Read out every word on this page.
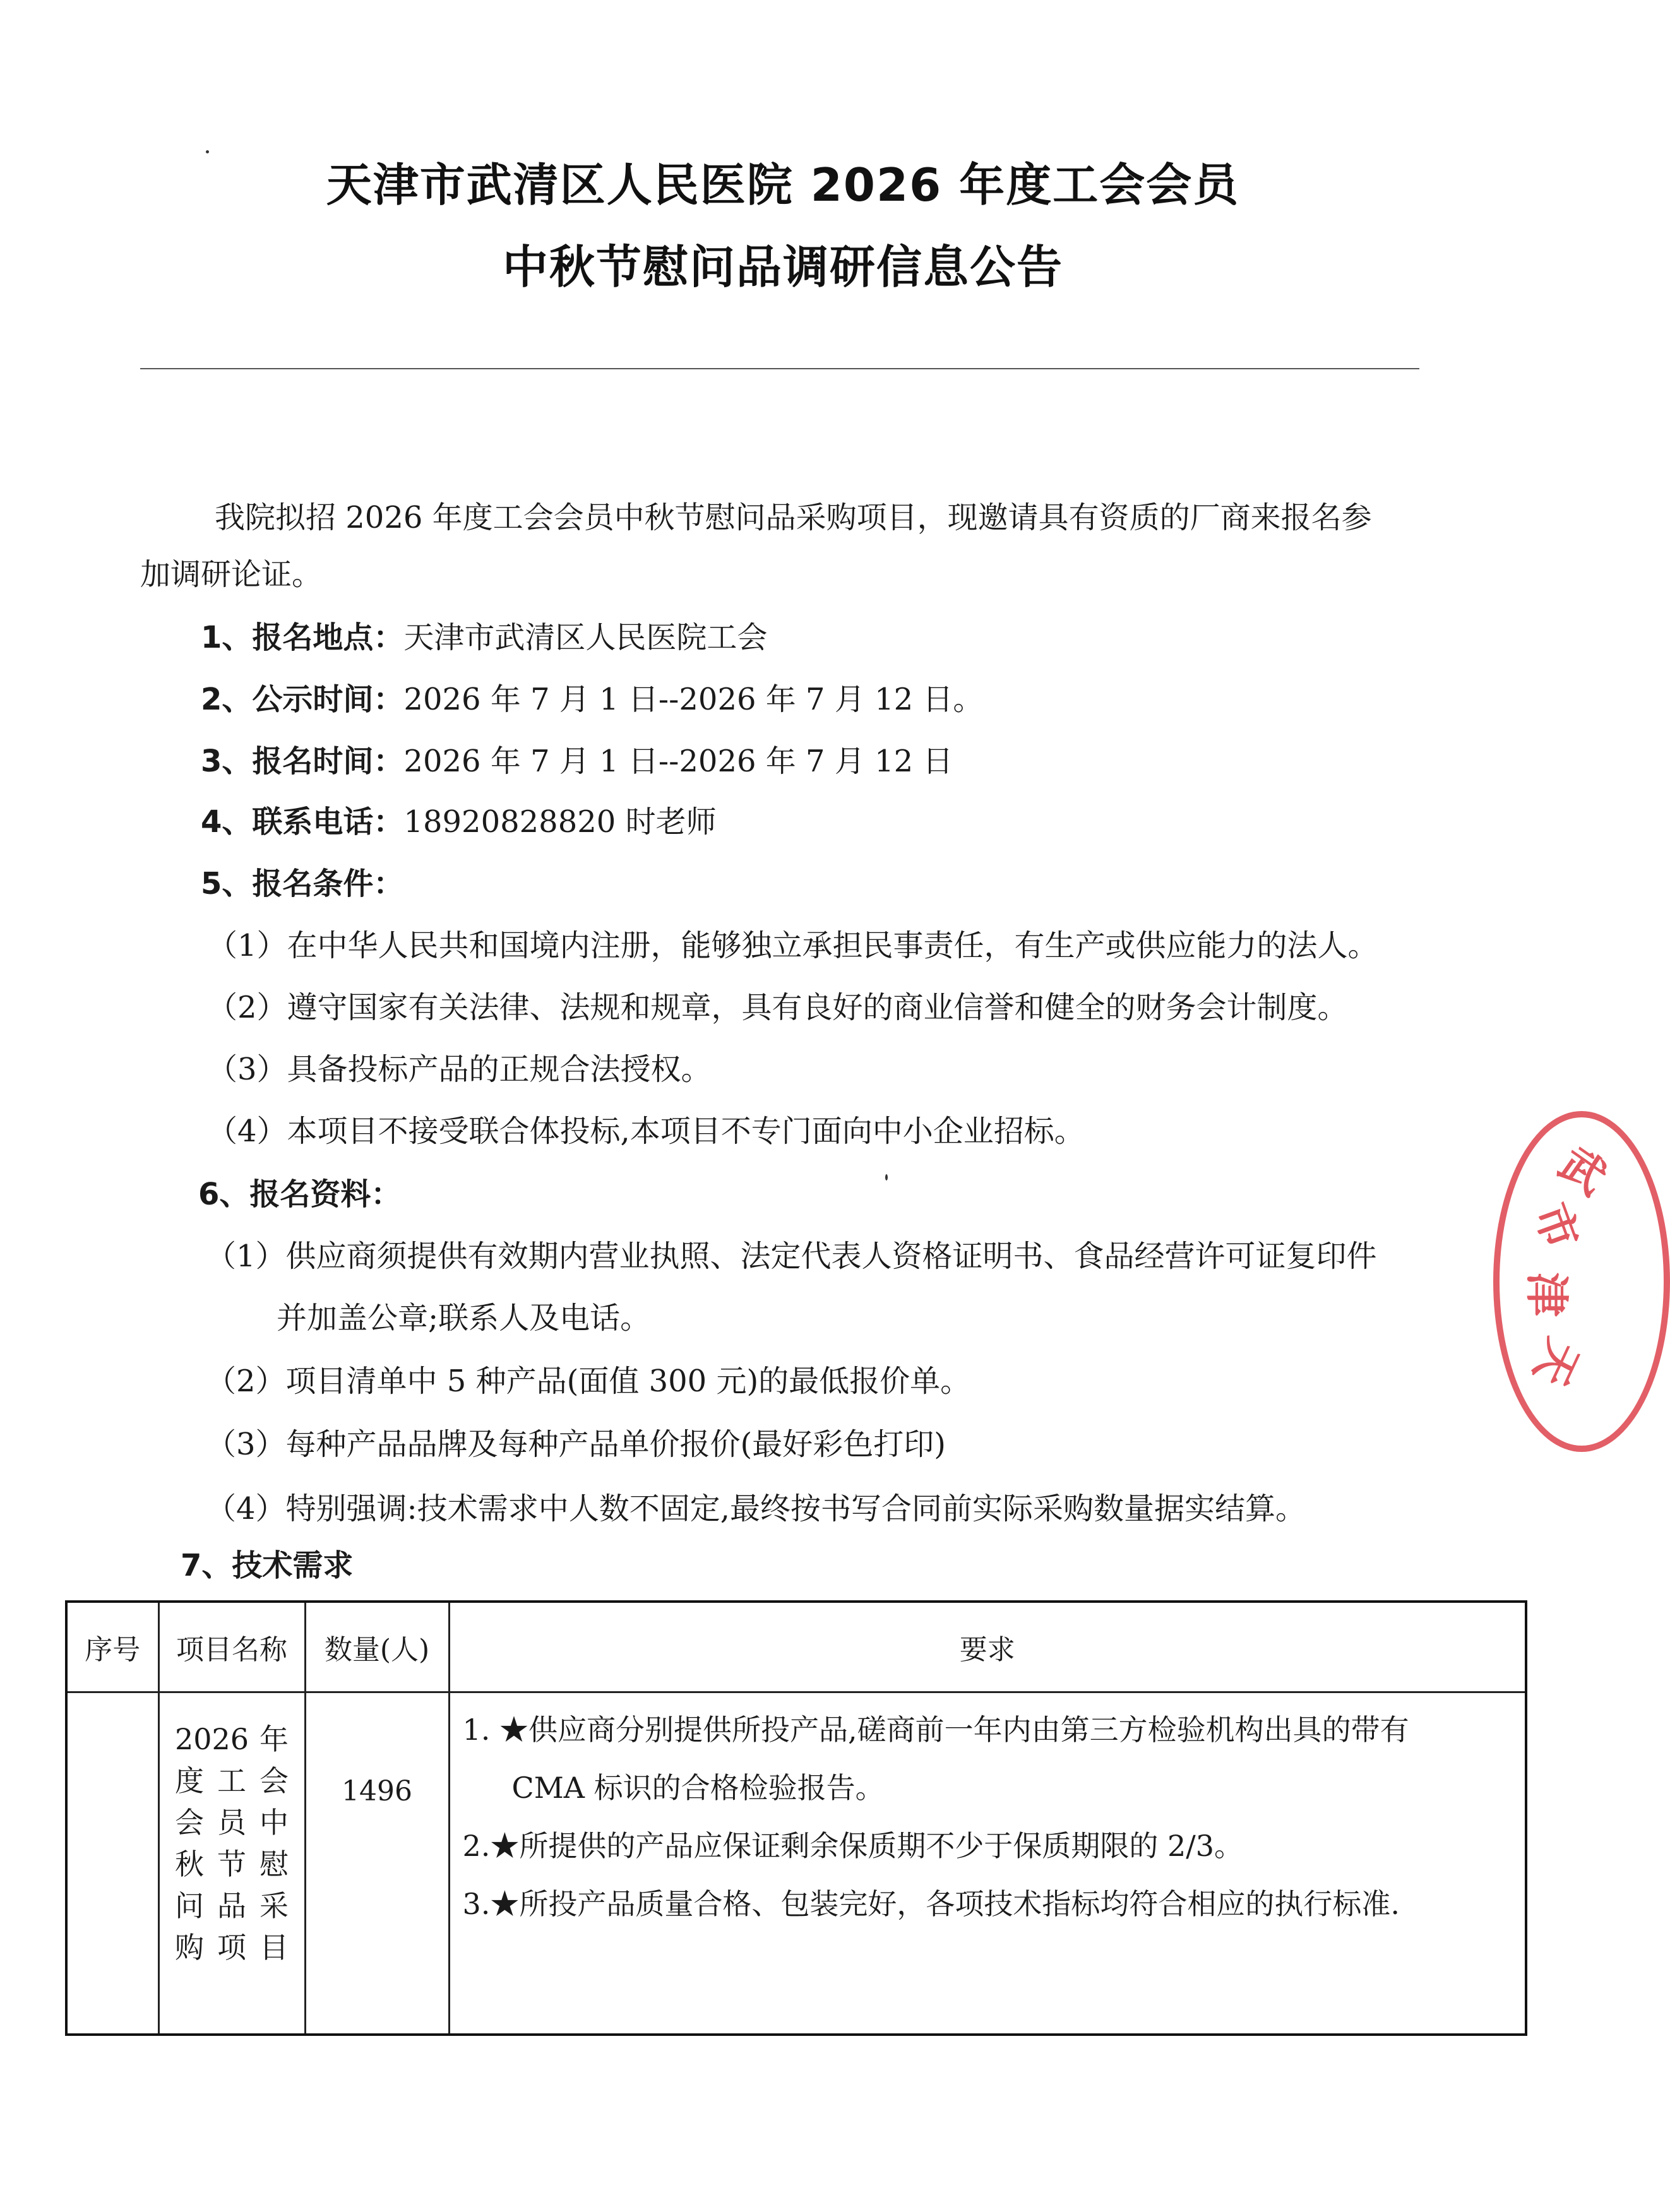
天津市武清区人民医院 2026 年度工会会员
中秋节慰问品调研信息公告
我院拟招 2026 年度工会会员中秋节慰问品采购项目，现邀请具有资质的厂商来报名参
加调研论证。
1、报名地点：天津市武清区人民医院工会
2、公示时间：2026 年 7 月 1 日--2026 年 7 月 12 日。
3、报名时间：2026 年 7 月 1 日--2026 年 7 月 12 日
4、联系电话：18920828820 时老师
5、报名条件：
（1）在中华人民共和国境内注册，能够独立承担民事责任，有生产或供应能力的法人。
（2）遵守国家有关法律、法规和规章，具有良好的商业信誉和健全的财务会计制度。
（3）具备投标产品的正规合法授权。
（4）本项目不接受联合体投标,本项目不专门面向中小企业招标。
6、报名资料：
（1）供应商须提供有效期内营业执照、法定代表人资格证明书、食品经营许可证复印件
并加盖公章;联系人及电话。
（2）项目清单中 5 种产品(面值 300 元)的最低报价单。
（3）每种产品品牌及每种产品单价报价(最好彩色打印)
（4）特别强调:技术需求中人数不固定,最终按书写合同前实际采购数量据实结算。
7、技术需求
序号	项目名称	数量(人)	要求

	2026 年度工会会员中秋节慰问品采购项目	1496	1. ★供应商分别提供所投产品,磋商前一年内由第三方检验机构出具的带有
CMA 标识的合格检验报告。
2.★所提供的产品应保证剩余保质期不少于保质期限的 2/3。
3.★所投产品质量合格、包装完好，各项技术指标均符合相应的执行标准.
武
市
津
天
